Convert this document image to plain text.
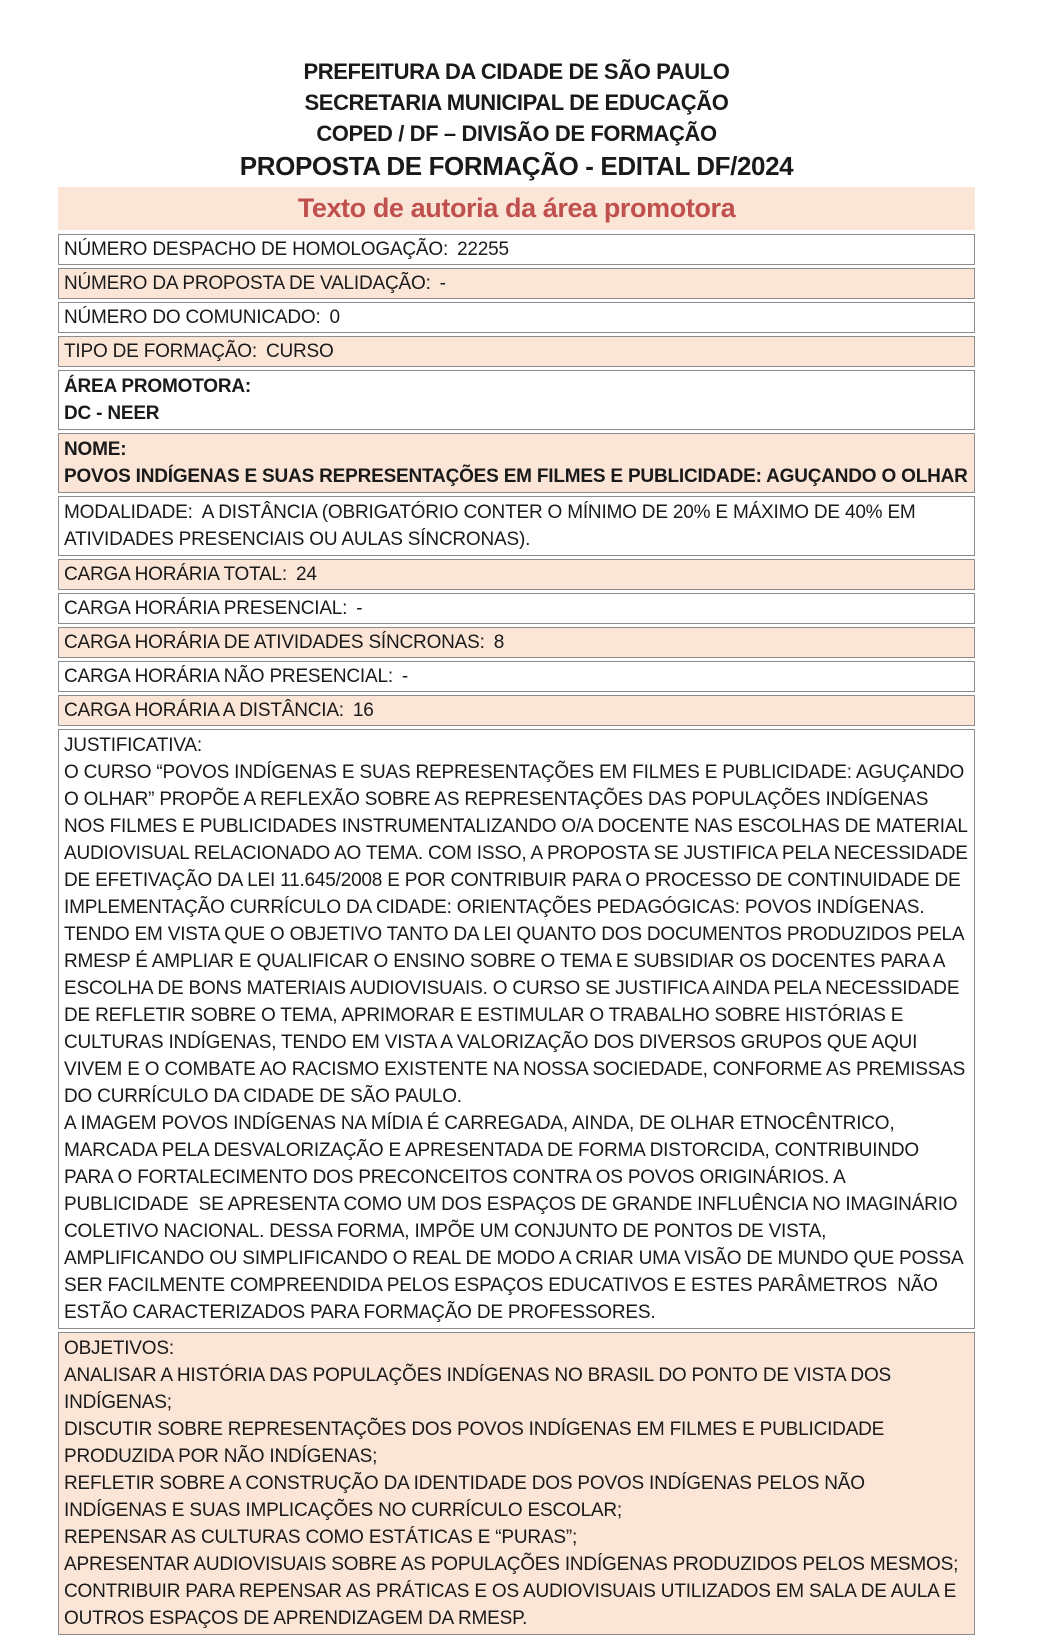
PREFEITURA DA CIDADE DE SÃO PAULO
SECRETARIA MUNICIPAL DE EDUCAÇÃO
COPED / DF – DIVISÃO DE FORMAÇÃO
PROPOSTA DE FORMAÇÃO - EDITAL DF/2024
Texto de autoria da área promotora
NÚMERO DESPACHO DE HOMOLOGAÇÃO: 22255
NÚMERO DA PROPOSTA DE VALIDAÇÃO: -
NÚMERO DO COMUNICADO: 0
TIPO DE FORMAÇÃO: CURSO
ÁREA PROMOTORA:
DC - NEER
NOME:
POVOS INDÍGENAS E SUAS REPRESENTAÇÕES EM FILMES E PUBLICIDADE: AGUÇANDO O OLHAR
MODALIDADE: A DISTÂNCIA (OBRIGATÓRIO CONTER O MÍNIMO DE 20% E MÁXIMO DE 40% EM ATIVIDADES PRESENCIAIS OU AULAS SÍNCRONAS).
CARGA HORÁRIA TOTAL: 24
CARGA HORÁRIA PRESENCIAL: -
CARGA HORÁRIA DE ATIVIDADES SÍNCRONAS: 8
CARGA HORÁRIA NÃO PRESENCIAL: -
CARGA HORÁRIA A DISTÂNCIA: 16
JUSTIFICATIVA:
O CURSO “POVOS INDÍGENAS E SUAS REPRESENTAÇÕES EM FILMES E PUBLICIDADE: AGUÇANDO O OLHAR” PROPÕE A REFLEXÃO SOBRE AS REPRESENTAÇÕES DAS POPULAÇÕES INDÍGENAS NOS FILMES E PUBLICIDADES INSTRUMENTALIZANDO O/A DOCENTE NAS ESCOLHAS DE MATERIAL AUDIOVISUAL RELACIONADO AO TEMA. COM ISSO, A PROPOSTA SE JUSTIFICA PELA NECESSIDADE DE EFETIVAÇÃO DA LEI 11.645/2008 E POR CONTRIBUIR PARA O PROCESSO DE CONTINUIDADE DE IMPLEMENTAÇÃO CURRÍCULO DA CIDADE: ORIENTAÇÕES PEDAGÓGICAS: POVOS INDÍGENAS.  TENDO EM VISTA QUE O OBJETIVO TANTO DA LEI QUANTO DOS DOCUMENTOS PRODUZIDOS PELA RMESP É AMPLIAR E QUALIFICAR O ENSINO SOBRE O TEMA E SUBSIDIAR OS DOCENTES PARA A ESCOLHA DE BONS MATERIAIS AUDIOVISUAIS. O CURSO SE JUSTIFICA AINDA PELA NECESSIDADE DE REFLETIR SOBRE O TEMA, APRIMORAR E ESTIMULAR O TRABALHO SOBRE HISTÓRIAS E CULTURAS INDÍGENAS, TENDO EM VISTA A VALORIZAÇÃO DOS DIVERSOS GRUPOS QUE AQUI VIVEM E O COMBATE AO RACISMO EXISTENTE NA NOSSA SOCIEDADE, CONFORME AS PREMISSAS DO CURRÍCULO DA CIDADE DE SÃO PAULO.
A IMAGEM POVOS INDÍGENAS NA MÍDIA É CARREGADA, AINDA, DE OLHAR ETNOCÊNTRICO, MARCADA PELA DESVALORIZAÇÃO E APRESENTADA DE FORMA DISTORCIDA, CONTRIBUINDO PARA O FORTALECIMENTO DOS PRECONCEITOS CONTRA OS POVOS ORIGINÁRIOS. A PUBLICIDADE  SE APRESENTA COMO UM DOS ESPAÇOS DE GRANDE INFLUÊNCIA NO IMAGINÁRIO COLETIVO NACIONAL. DESSA FORMA, IMPÕE UM CONJUNTO DE PONTOS DE VISTA, AMPLIFICANDO OU SIMPLIFICANDO O REAL DE MODO A CRIAR UMA VISÃO DE MUNDO QUE POSSA SER FACILMENTE COMPREENDIDA PELOS ESPAÇOS EDUCATIVOS E ESTES PARÂMETROS  NÃO  ESTÃO CARACTERIZADOS PARA FORMAÇÃO DE PROFESSORES.
OBJETIVOS:
ANALISAR A HISTÓRIA DAS POPULAÇÕES INDÍGENAS NO BRASIL DO PONTO DE VISTA DOS INDÍGENAS;
DISCUTIR SOBRE REPRESENTAÇÕES DOS POVOS INDÍGENAS EM FILMES E PUBLICIDADE PRODUZIDA POR NÃO INDÍGENAS;
REFLETIR SOBRE A CONSTRUÇÃO DA IDENTIDADE DOS POVOS INDÍGENAS PELOS NÃO INDÍGENAS E SUAS IMPLICAÇÕES NO CURRÍCULO ESCOLAR;
REPENSAR AS CULTURAS COMO ESTÁTICAS E “PURAS”;
APRESENTAR AUDIOVISUAIS SOBRE AS POPULAÇÕES INDÍGENAS PRODUZIDOS PELOS MESMOS;
CONTRIBUIR PARA REPENSAR AS PRÁTICAS E OS AUDIOVISUAIS UTILIZADOS EM SALA DE AULA E OUTROS ESPAÇOS DE APRENDIZAGEM DA RMESP.
